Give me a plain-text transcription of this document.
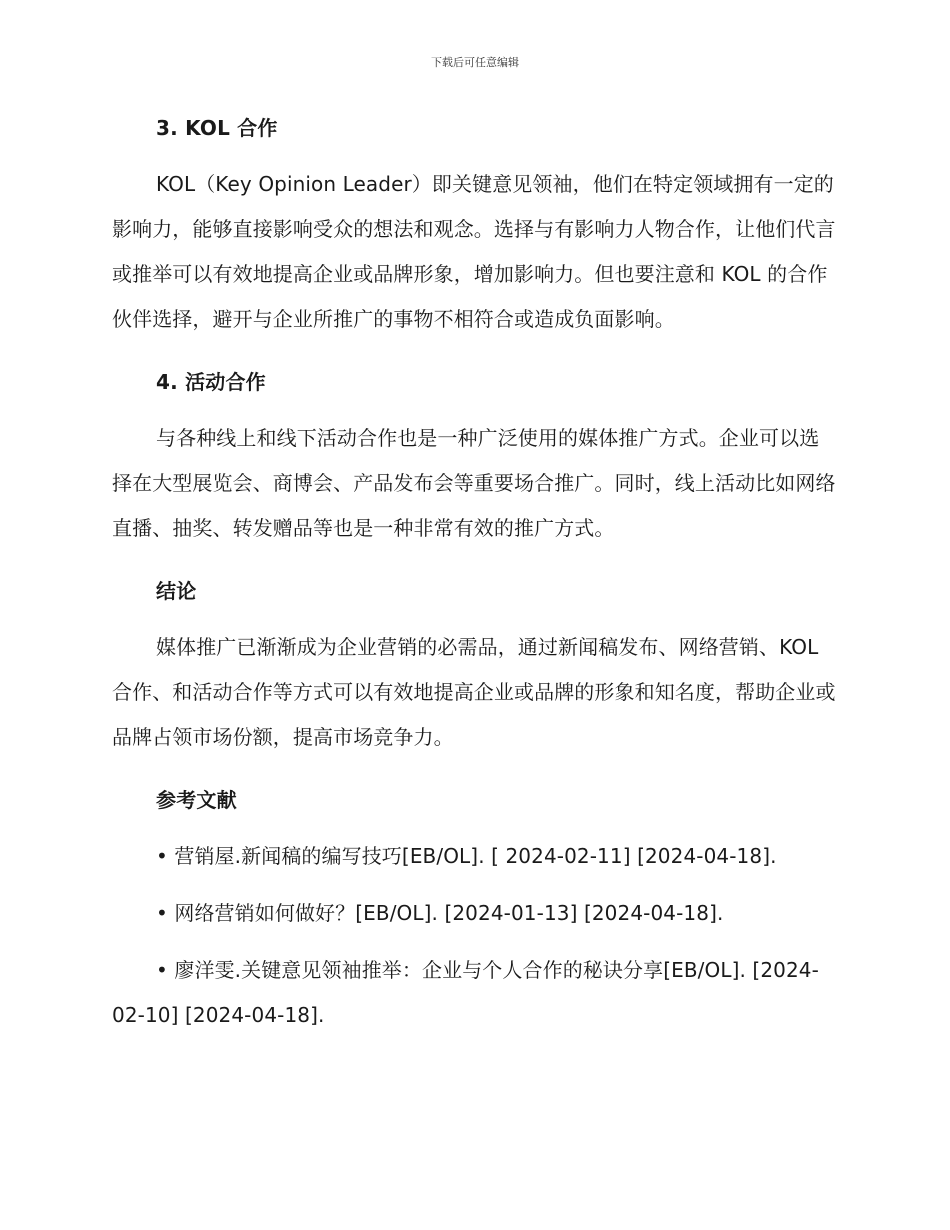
下载后可任意编辑
3. KOL 合作

KOL（Key Opinion Leader）即关键意见领袖，他们在特定领域拥有一定的影响力，能够直接影响受众的想法和观念。选择与有影响力人物合作，让他们代言或推举可以有效地提高企业或品牌形象，增加影响力。但也要注意和 KOL 的合作伙伴选择，避开与企业所推广的事物不相符合或造成负面影响。

4. 活动合作

与各种线上和线下活动合作也是一种广泛使用的媒体推广方式。企业可以选择在大型展览会、商博会、产品发布会等重要场合推广。同时，线上活动比如网络直播、抽奖、转发赠品等也是一种非常有效的推广方式。

结论

媒体推广已渐渐成为企业营销的必需品，通过新闻稿发布、网络营销、KOL 合作、和活动合作等方式可以有效地提高企业或品牌的形象和知名度，帮助企业或品牌占领市场份额，提高市场竞争力。

参考文献

• 营销屋.新闻稿的编写技巧[EB/OL]. [ 2024-02-11] [2024-04-18].

• 网络营销如何做好？[EB/OL]. [2024-01-13] [2024-04-18].

• 廖洋雯.关键意见领袖推举：企业与个人合作的秘诀分享[EB/OL]. [2024-02-10] [2024-04-18].
